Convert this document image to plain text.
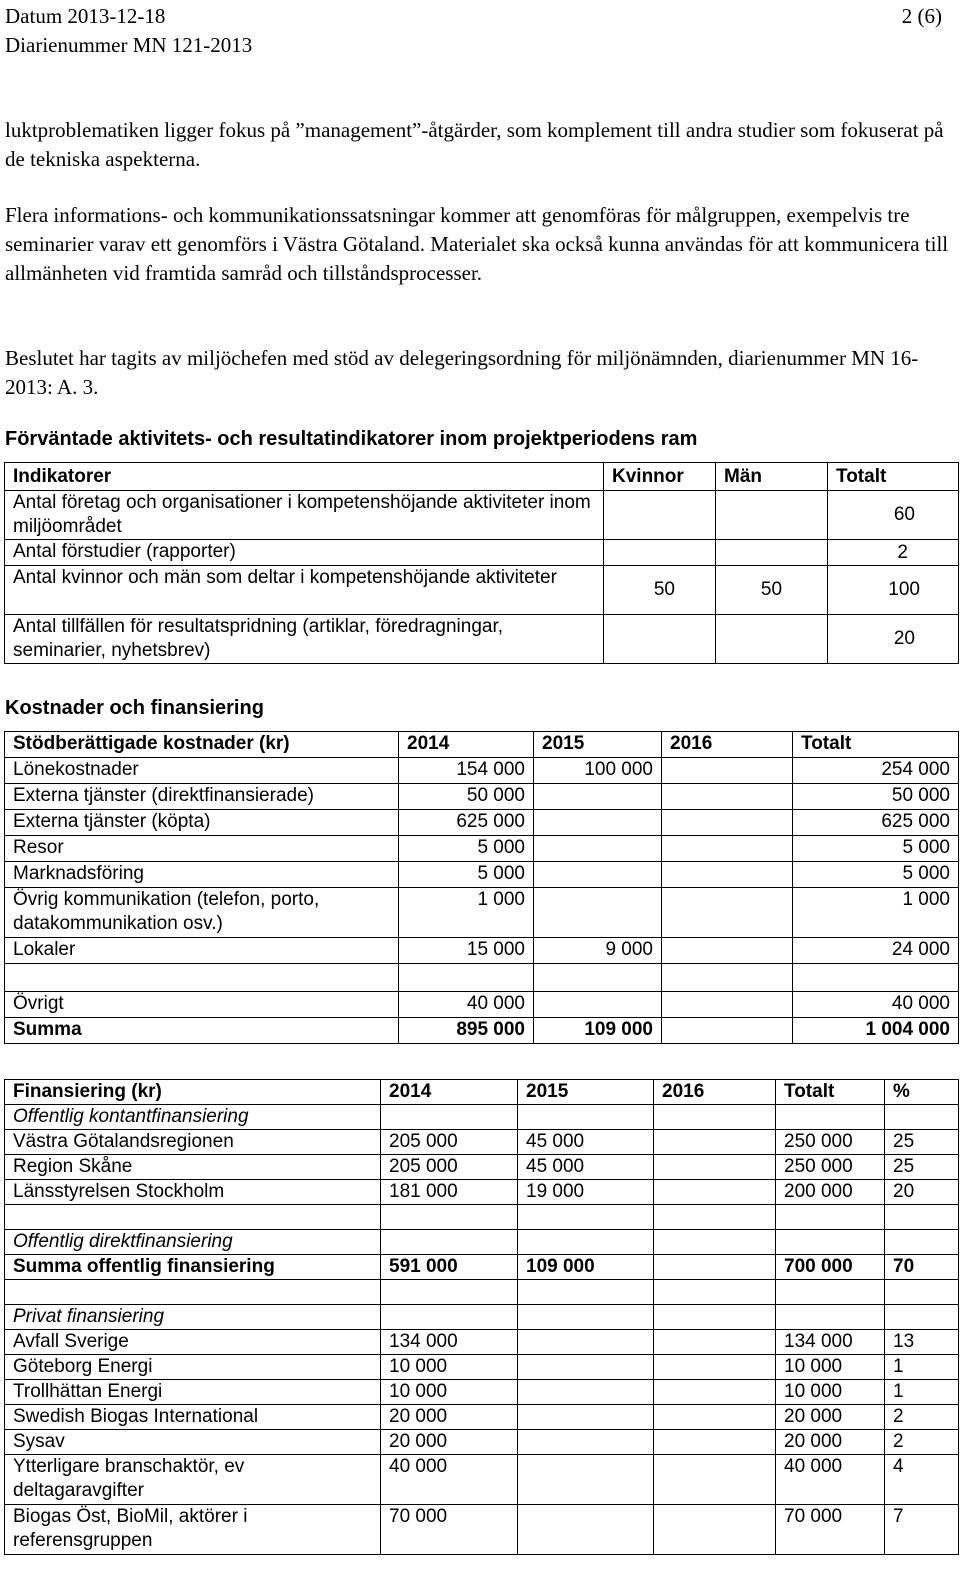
Datum 2013-12-18
Diarienummer MN 121-2013
2 (6)

luktproblematiken ligger fokus på ”management”-åtgärder, som komplement till andra studier som fokuserat på de tekniska aspekterna.

Flera informations- och kommunikationssatsningar kommer att genomföras för målgruppen, exempelvis tre seminarier varav ett genomförs i Västra Götaland. Materialet ska också kunna användas för att kommunicera till allmänheten vid framtida samråd och tillståndsprocesser.

Beslutet har tagits av miljöchefen med stöd av delegeringsordning för miljönämnden, diarienummer MN 16-2013: A. 3.

Förväntade aktivitets- och resultatindikatorer inom projektperiodens ram
Indikatorer	Kvinnor	Män	Totalt
Antal företag och organisationer i kompetenshöjande aktiviteter inom miljöområdet			60
Antal förstudier (rapporter)			2
Antal kvinnor och män som deltar i kompetenshöjande aktiviteter	50	50	100
Antal tillfällen för resultatspridning (artiklar, föredragningar, seminarier, nyhetsbrev)			20
Kostnader och finansiering
Stödberättigade kostnader (kr)	2014	2015	2016	Totalt
Lönekostnader	154 000	100 000		254 000
Externa tjänster (direktfinansierade)	50 000			50 000
Externa tjänster (köpta)	625 000			625 000
Resor	5 000			5 000
Marknadsföring	5 000			5 000
Övrig kommunikation (telefon, porto, datakommunikation osv.)	1 000			1 000
Lokaler	15 000	9 000		24 000

Övrigt	40 000			40 000
Summa	895 000	109 000		1 004 000
Finansiering (kr)	2014	2015	2016	Totalt	%
Offentlig kontantfinansiering					
Västra Götalandsregionen	205 000	45 000		250 000	25
Region Skåne	205 000	45 000		250 000	25
Länsstyrelsen Stockholm	181 000	19 000		200 000	20

Offentlig direktfinansiering					
Summa offentlig finansiering	591 000	109 000		700 000	70

Privat finansiering					
Avfall Sverige	134 000			134 000	13
Göteborg Energi	10 000			10 000	1
Trollhättan Energi	10 000			10 000	1
Swedish Biogas International	20 000			20 000	2
Sysav	20 000			20 000	2
Ytterligare branschaktör, ev deltagaravgifter	40 000			40 000	4
Biogas Öst, BioMil, aktörer i referensgruppen	70 000			70 000	7
